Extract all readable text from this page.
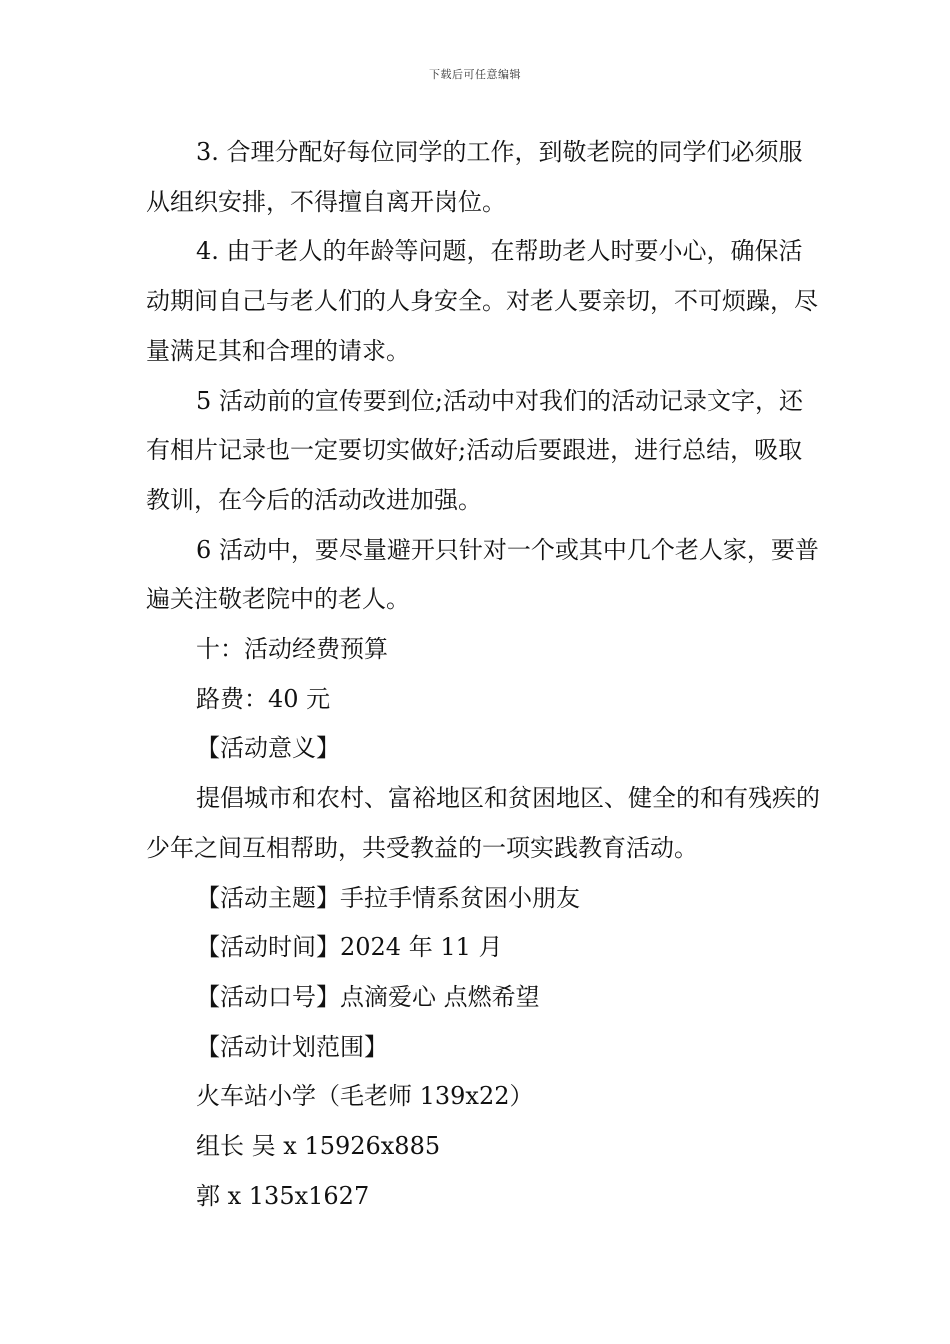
下载后可任意编辑

3. 合理分配好每位同学的工作，到敬老院的同学们必须服从组织安排，不得擅自离开岗位。

4. 由于老人的年龄等问题，在帮助老人时要小心，确保活动期间自己与老人们的人身安全。对老人要亲切，不可烦躁，尽量满足其和合理的请求。

5 活动前的宣传要到位;活动中对我们的活动记录文字，还有相片记录也一定要切实做好;活动后要跟进，进行总结，吸取教训，在今后的活动改进加强。

6 活动中，要尽量避开只针对一个或其中几个老人家，要普遍关注敬老院中的老人。

十：活动经费预算

路费：40 元

【活动意义】

提倡城市和农村、富裕地区和贫困地区、健全的和有残疾的少年之间互相帮助，共受教益的一项实践教育活动。

【活动主题】手拉手情系贫困小朋友

【活动时间】2024 年 11 月

【活动口号】点滴爱心 点燃希望

【活动计划范围】

火车站小学（毛老师 139x22）

组长 吴 x 15926x885

郭 x 135x1627
